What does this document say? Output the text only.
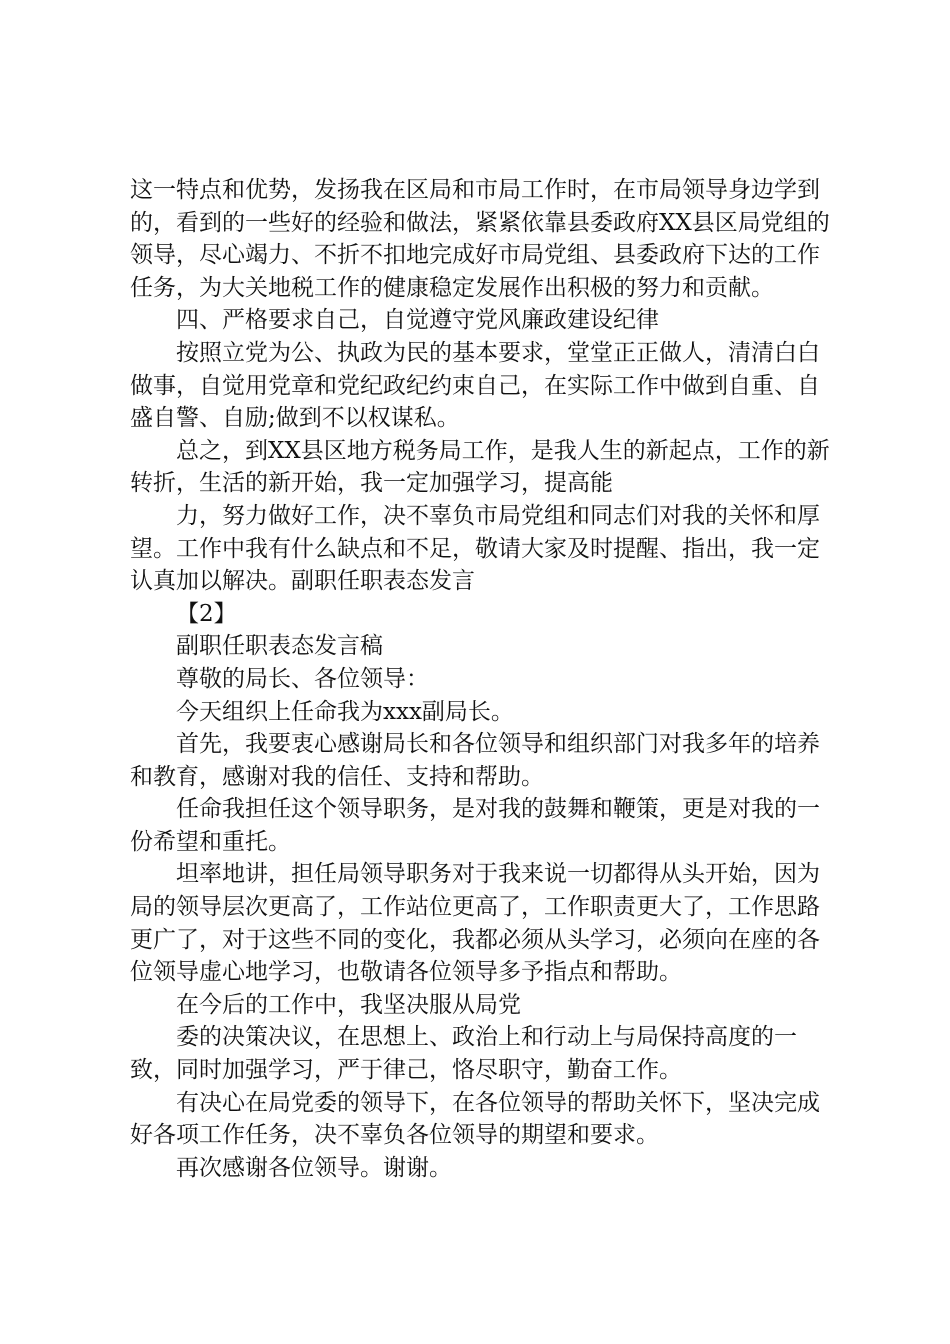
这一特点和优势，发扬我在区局和市局工作时，在市局领导身边学到的，看到的一些好的经验和做法，紧紧依靠县委政府XX县区局党组的领导，尽心竭力、不折不扣地完成好市局党组、县委政府下达的工作任务，为大关地税工作的健康稳定发展作出积极的努力和贡献。

四、严格要求自己，自觉遵守党风廉政建设纪律

按照立党为公、执政为民的基本要求，堂堂正正做人，清清白白做事，自觉用党章和党纪政纪约束自己，在实际工作中做到自重、自盛自警、自励;做到不以权谋私。

总之，到XX县区地方税务局工作，是我人生的新起点，工作的新转折，生活的新开始，我一定加强学习，提高能

力，努力做好工作，决不辜负市局党组和同志们对我的关怀和厚望。工作中我有什么缺点和不足，敬请大家及时提醒、指出，我一定认真加以解决。副职任职表态发言

【2】

副职任职表态发言稿

尊敬的局长、各位领导：

今天组织上任命我为xxx副局长。

首先，我要衷心感谢局长和各位领导和组织部门对我多年的培养和教育，感谢对我的信任、支持和帮助。

任命我担任这个领导职务，是对我的鼓舞和鞭策，更是对我的一份希望和重托。

坦率地讲，担任局领导职务对于我来说一切都得从头开始，因为局的领导层次更高了，工作站位更高了，工作职责更大了，工作思路更广了，对于这些不同的变化，我都必须从头学习，必须向在座的各位领导虚心地学习，也敬请各位领导多予指点和帮助。

在今后的工作中，我坚决服从局党

委的决策决议，在思想上、政治上和行动上与局保持高度的一致，同时加强学习，严于律己，恪尽职守，勤奋工作。

有决心在局党委的领导下，在各位领导的帮助关怀下，坚决完成好各项工作任务，决不辜负各位领导的期望和要求。

再次感谢各位领导。谢谢。
